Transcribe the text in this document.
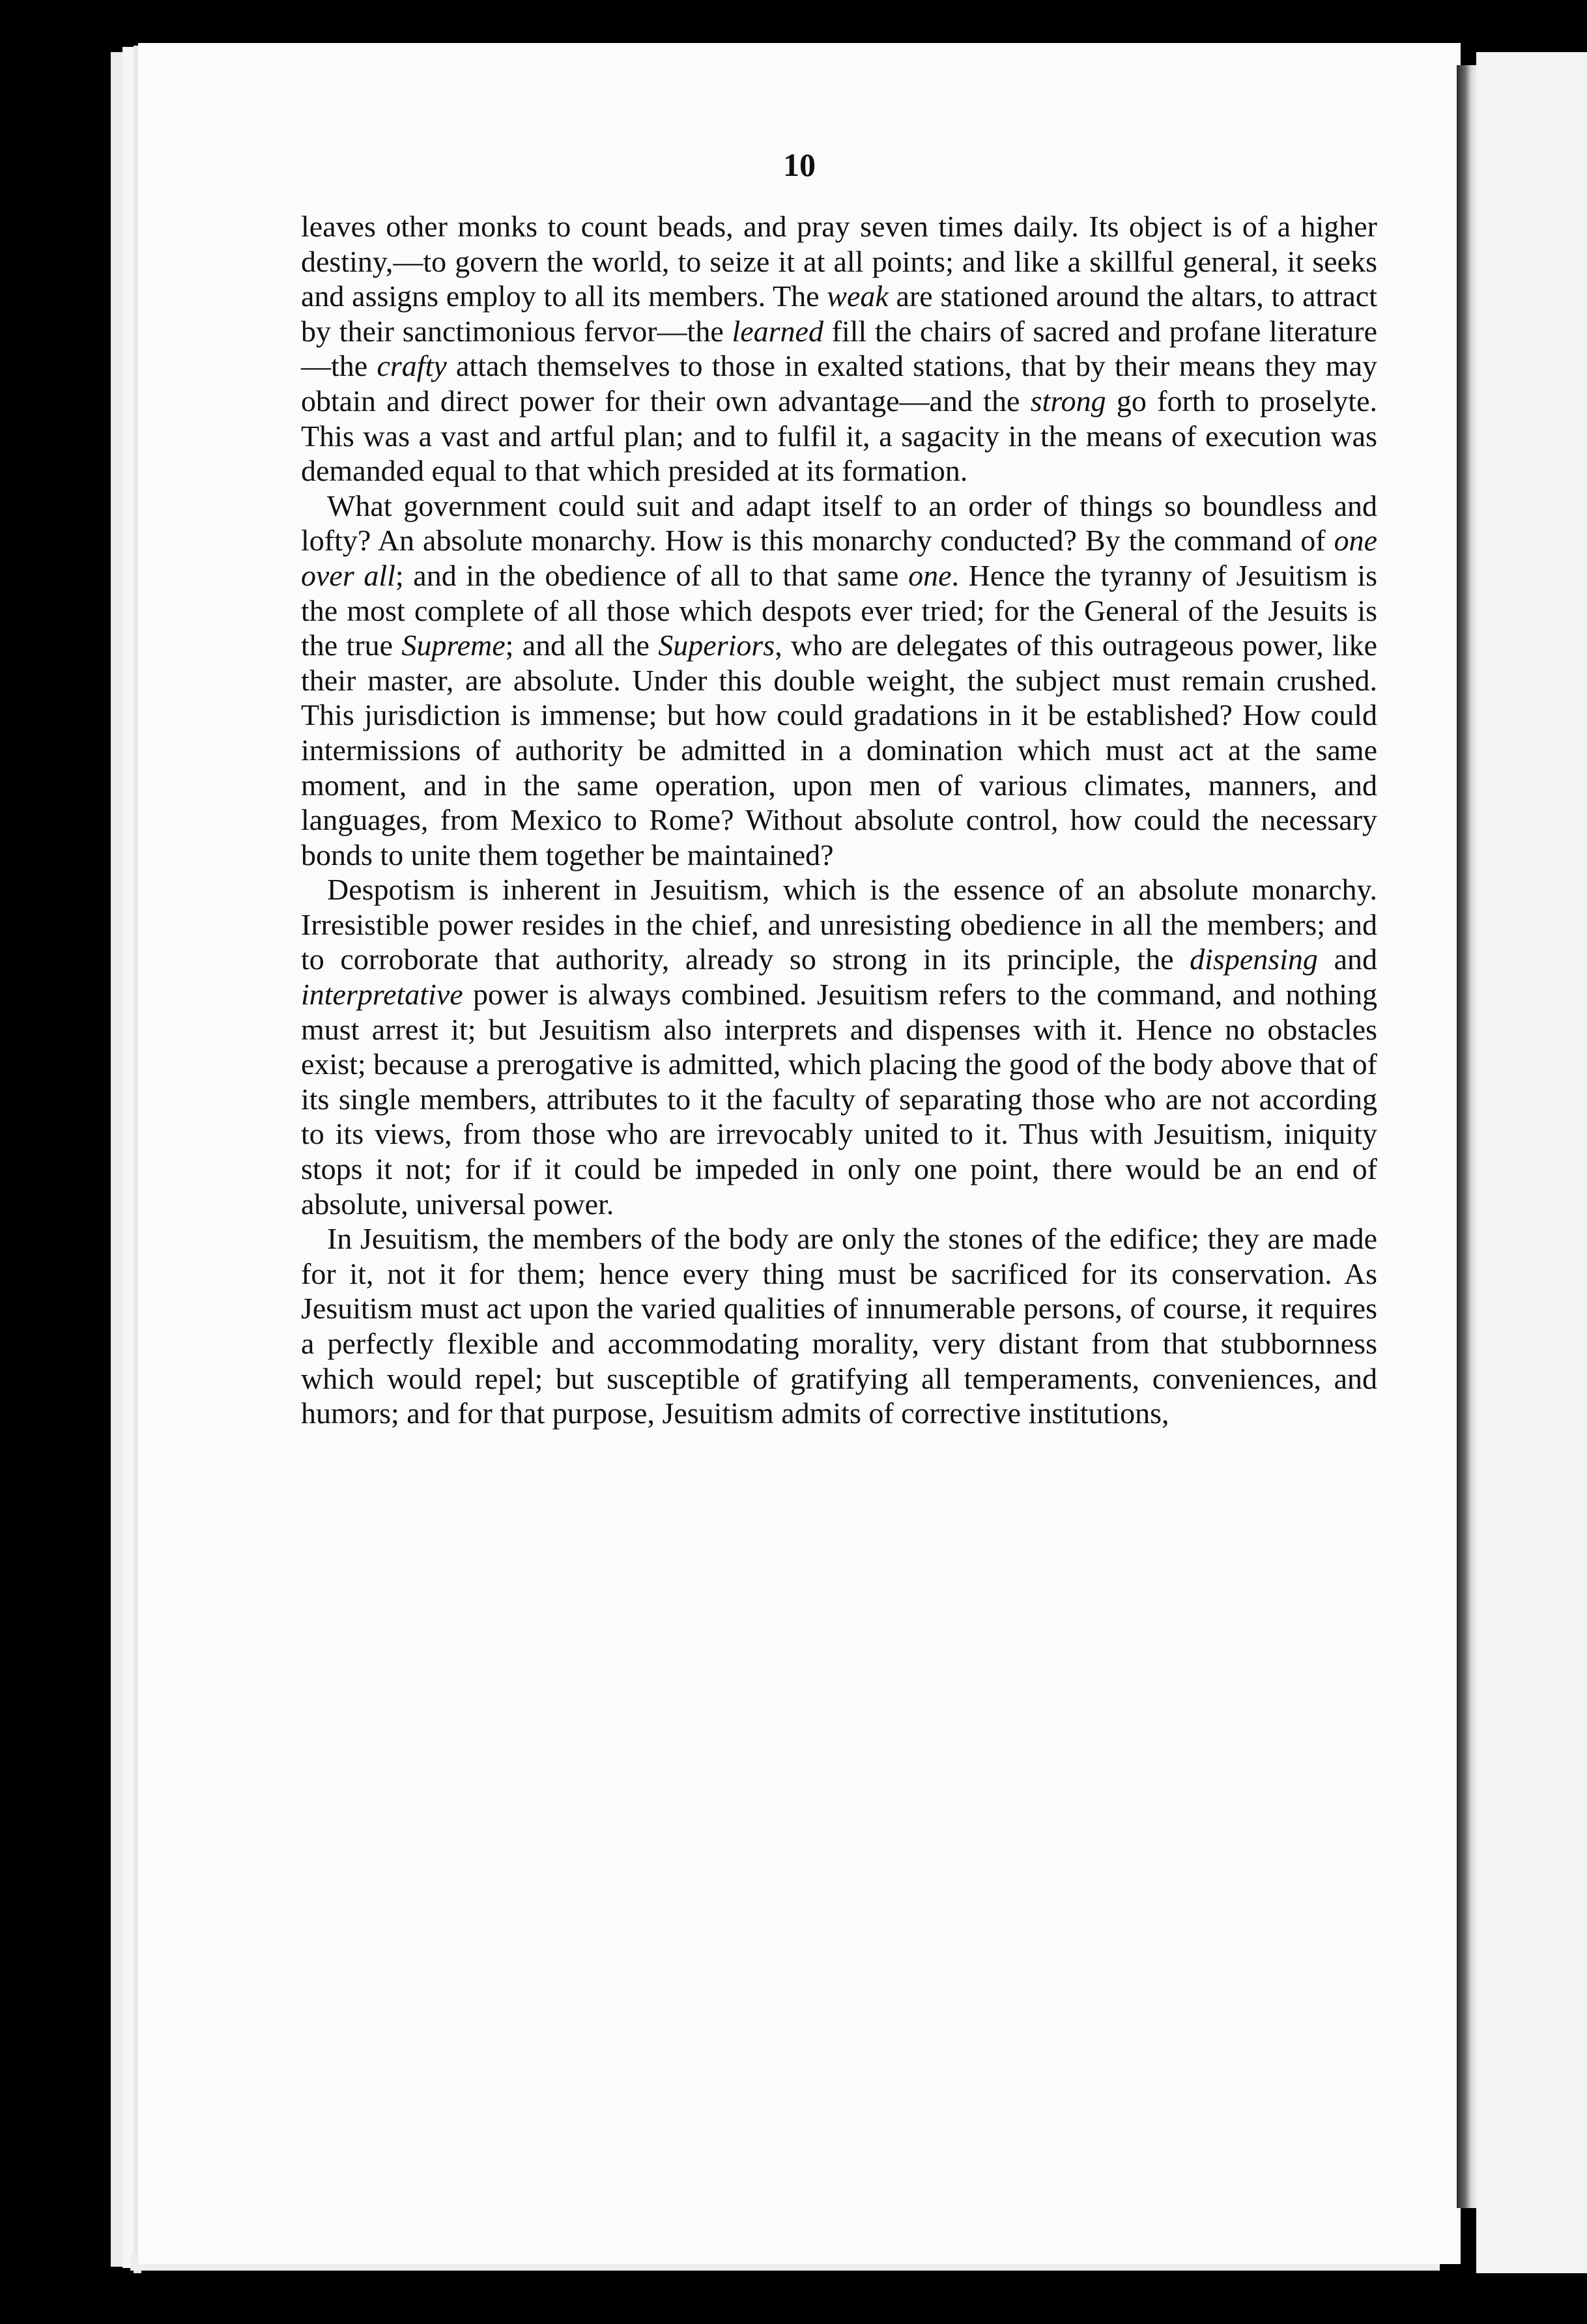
10

leaves other monks to count beads, and pray seven times daily. Its object is of a higher destiny,—to govern the world, to seize it at all points; and like a skillful general, it seeks and assigns employ to all its members. The weak are stationed around the altars, to attract by their sanctimonious fervor—the learned fill the chairs of sacred and profane literature—the crafty attach themselves to those in exalted stations, that by their means they may obtain and direct power for their own advantage—and the strong go forth to proselyte. This was a vast and artful plan; and to fulfil it, a sagacity in the means of execution was demanded equal to that which presided at its formation.

What government could suit and adapt itself to an order of things so boundless and lofty? An absolute monarchy. How is this monarchy conducted? By the command of one over all; and in the obedience of all to that same one. Hence the tyranny of Jesuitism is the most complete of all those which despots ever tried; for the General of the Jesuits is the true Supreme; and all the Superiors, who are delegates of this outrageous power, like their master, are absolute. Under this double weight, the subject must remain crushed. This jurisdiction is immense; but how could gradations in it be established? How could intermissions of authority be admitted in a domination which must act at the same moment, and in the same operation, upon men of various climates, manners, and languages, from Mexico to Rome? Without absolute control, how could the necessary bonds to unite them together be maintained?

Despotism is inherent in Jesuitism, which is the essence of an absolute monarchy. Irresistible power resides in the chief, and unresisting obedience in all the members; and to corroborate that authority, already so strong in its principle, the dispensing and interpretative power is always combined. Jesuitism refers to the command, and nothing must arrest it; but Jesuitism also interprets and dispenses with it. Hence no obstacles exist; because a prerogative is admitted, which placing the good of the body above that of its single members, attributes to it the faculty of separating those who are not according to its views, from those who are irrevocably united to it. Thus with Jesuitism, iniquity stops it not; for if it could be impeded in only one point, there would be an end of absolute, universal power.

In Jesuitism, the members of the body are only the stones of the edifice; they are made for it, not it for them; hence every thing must be sacrificed for its conservation. As Jesuitism must act upon the varied qualities of innumerable persons, of course, it requires a perfectly flexible and accommodating morality, very distant from that stubbornness which would repel; but susceptible of gratifying all temperaments, conveniences, and humors; and for that purpose, Jesuitism admits of corrective institutions,
